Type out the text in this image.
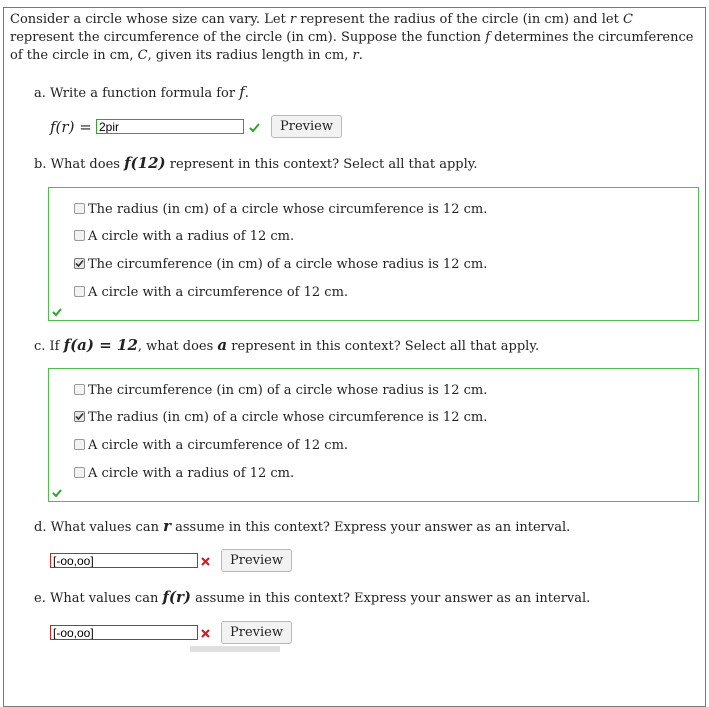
Consider a circle whose size can vary. Let r represent the radius of the circle (in cm) and let C represent the circumference of the circle (in cm). Suppose the function f determines the circumference of the circle in cm, C, given its radius length in cm, r.
a. Write a function formula for f.
f(r) =
2pir	Preview
b. What does f(12) represent in this context? Select all that apply.
The radius (in cm) of a circle whose circumference is 12 cm.
A circle with a radius of 12 cm.
The circumference (in cm) of a circle whose radius is 12 cm.
A circle with a circumference of 12 cm.
c. If f(a) = 12, what does a represent in this context? Select all that apply.
The circumference (in cm) of a circle whose radius is 12 cm.
The radius (in cm) of a circle whose circumference is 12 cm.
A circle with a circumference of 12 cm.
A circle with a radius of 12 cm.
d. What values can r assume in this context? Express your answer as an interval.
[-oo,oo]
Preview
e. What values can f(r) assume in this context? Express your answer as an interval.
[-oo,oo]
Preview
